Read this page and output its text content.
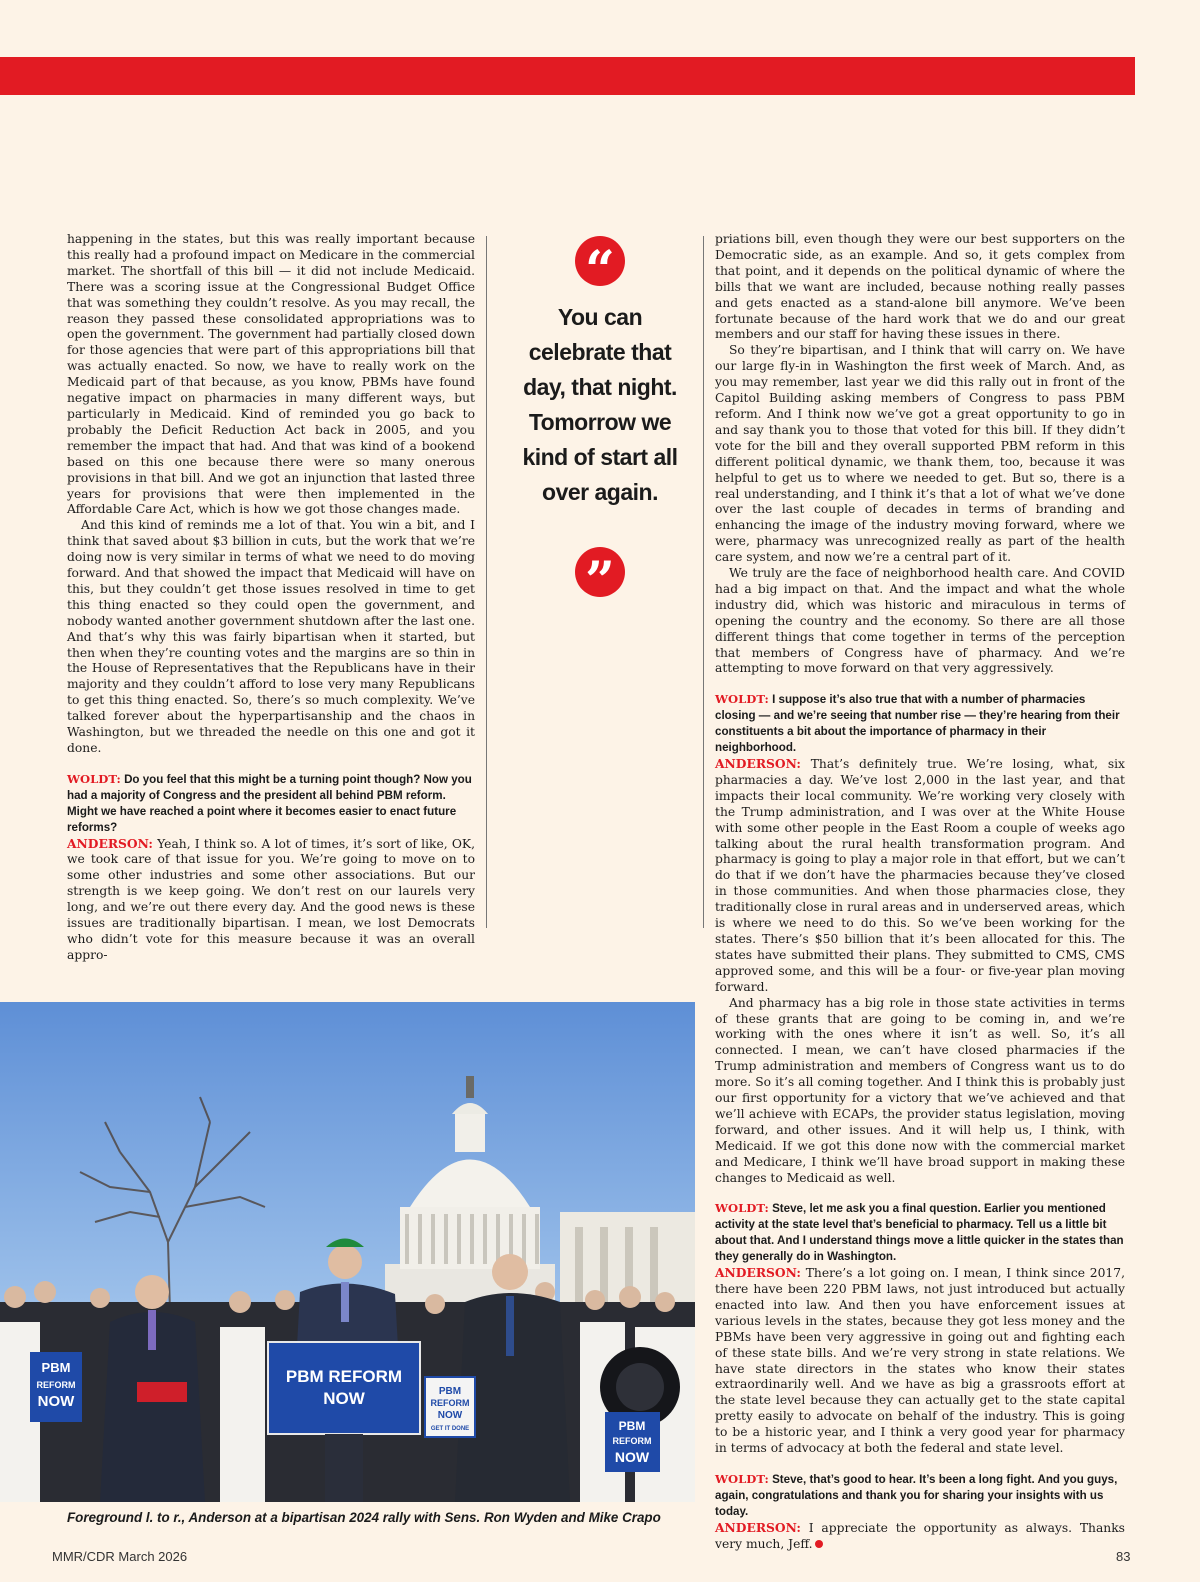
happening in the states, but this was really important because this really had a profound impact on Medicare in the commercial market. The shortfall of this bill — it did not include Medicaid. There was a scoring issue at the Congressional Budget Office that was something they couldn’t resolve. As you may recall, the reason they passed these consolidated appropriations was to open the government. The government had partially closed down for those agencies that were part of this appropriations bill that was actually enacted. So now, we have to really work on the Medicaid part of that because, as you know, PBMs have found negative impact on pharmacies in many different ways, but particularly in Medicaid. Kind of reminded you go back to probably the Deficit Reduction Act back in 2005, and you remember the impact that had. And that was kind of a bookend based on this one because there were so many onerous provisions in that bill. And we got an injunction that lasted three years for provisions that were then implemented in the Affordable Care Act, which is how we got those changes made.

And this kind of reminds me a lot of that. You win a bit, and I think that saved about $3 billion in cuts, but the work that we’re doing now is very similar in terms of what we need to do moving forward. And that showed the impact that Medicaid will have on this, but they couldn’t get those issues resolved in time to get this thing enacted so they could open the government, and nobody wanted another government shutdown after the last one. And that’s why this was fairly bipartisan when it started, but then when they’re counting votes and the margins are so thin in the House of Representatives that the Republicans have in their majority and they couldn’t afford to lose very many Republicans to get this thing enacted. So, there’s so much complexity. We’ve talked forever about the hyperpartisanship and the chaos in Washington, but we threaded the needle on this one and got it done.

WOLDT: Do you feel that this might be a turning point though? Now you had a majority of Congress and the president all behind PBM reform. Might we have reached a point where it becomes easier to enact future reforms?

ANDERSON: Yeah, I think so. A lot of times, it’s sort of like, OK, we took care of that issue for you. We’re going to move on to some other industries and some other associations. But our strength is we keep going. We don’t rest on our laurels very long, and we’re out there every day. And the good news is these issues are traditionally bipartisan. I mean, we lost Democrats who didn’t vote for this measure because it was an overall appro-

“
You can celebrate that day, that night. Tomorrow we kind of start all over again.
”

priations bill, even though they were our best supporters on the Democratic side, as an example. And so, it gets complex from that point, and it depends on the political dynamic of where the bills that we want are included, because nothing really passes and gets enacted as a stand-alone bill anymore. We’ve been fortunate because of the hard work that we do and our great members and our staff for having these issues in there.

So they’re bipartisan, and I think that will carry on. We have our large fly-in in Washington the first week of March. And, as you may remember, last year we did this rally out in front of the Capitol Building asking members of Congress to pass PBM reform. And I think now we’ve got a great opportunity to go in and say thank you to those that voted for this bill. If they didn’t vote for the bill and they overall supported PBM reform in this different political dynamic, we thank them, too, because it was helpful to get us to where we needed to get. But so, there is a real understanding, and I think it’s that a lot of what we’ve done over the last couple of decades in terms of branding and enhancing the image of the industry moving forward, where we were, pharmacy was unrecognized really as part of the health care system, and now we’re a central part of it.

We truly are the face of neighborhood health care. And COVID had a big impact on that. And the impact and what the whole industry did, which was historic and miraculous in terms of opening the country and the economy. So there are all those different things that come together in terms of the perception that members of Congress have of pharmacy. And we’re attempting to move forward on that very aggressively.

WOLDT: I suppose it’s also true that with a number of pharmacies closing — and we’re seeing that number rise — they’re hearing from their constituents a bit about the importance of pharmacy in their neighborhood.

ANDERSON: That’s definitely true. We’re losing, what, six pharmacies a day. We’ve lost 2,000 in the last year, and that impacts their local community. We’re working very closely with the Trump administration, and I was over at the White House with some other people in the East Room a couple of weeks ago talking about the rural health transformation program. And pharmacy is going to play a major role in that effort, but we can’t do that if we don’t have the pharmacies because they’ve closed in those communities. And when those pharmacies close, they traditionally close in rural areas and in underserved areas, which is where we need to do this. So we’ve been working for the states. There’s $50 billion that it’s been allocated for this. The states have submitted their plans. They submitted to CMS, CMS approved some, and this will be a four- or five-year plan moving forward.

And pharmacy has a big role in those state activities in terms of these grants that are going to be coming in, and we’re working with the ones where it isn’t as well. So, it’s all connected. I mean, we can’t have closed pharmacies if the Trump administration and members of Congress want us to do more. So it’s all coming together. And I think this is probably just our first opportunity for a victory that we’ve achieved and that we’ll achieve with ECAPs, the provider status legislation, moving forward, and other issues. And it will help us, I think, with Medicaid. If we got this done now with the commercial market and Medicare, I think we’ll have broad support in making these changes to Medicaid as well.

WOLDT: Steve, let me ask you a final question. Earlier you mentioned activity at the state level that’s beneficial to pharmacy. Tell us a little bit about that. And I understand things move a little quicker in the states than they generally do in Washington.

ANDERSON: There’s a lot going on. I mean, I think since 2017, there have been 220 PBM laws, not just introduced but actually enacted into law. And then you have enforcement issues at various levels in the states, because they got less money and the PBMs have been very aggressive in going out and fighting each of these state bills. And we’re very strong in state relations. We have state directors in the states who know their states extraordinarily well. And we have as big a grassroots effort at the state level because they can actually get to the state capital pretty easily to advocate on behalf of the industry. This is going to be a historic year, and I think a very good year for pharmacy in terms of advocacy at both the federal and state level.

WOLDT: Steve, that’s good to hear. It’s been a long fight. And you guys, again, congratulations and thank you for sharing your insights with us today.

ANDERSON: I appreciate the opportunity as always. Thanks very much, Jeff.

PBM REFORM
NOW
PBM
REFORM
NOW
PBM
REFORM
NOW
GET IT DONE	PBM
REFORM
NOW
Foreground l. to r., Anderson at a bipartisan 2024 rally with Sens. Ron Wyden and Mike Crapo
MMR/CDR March 2026	83
